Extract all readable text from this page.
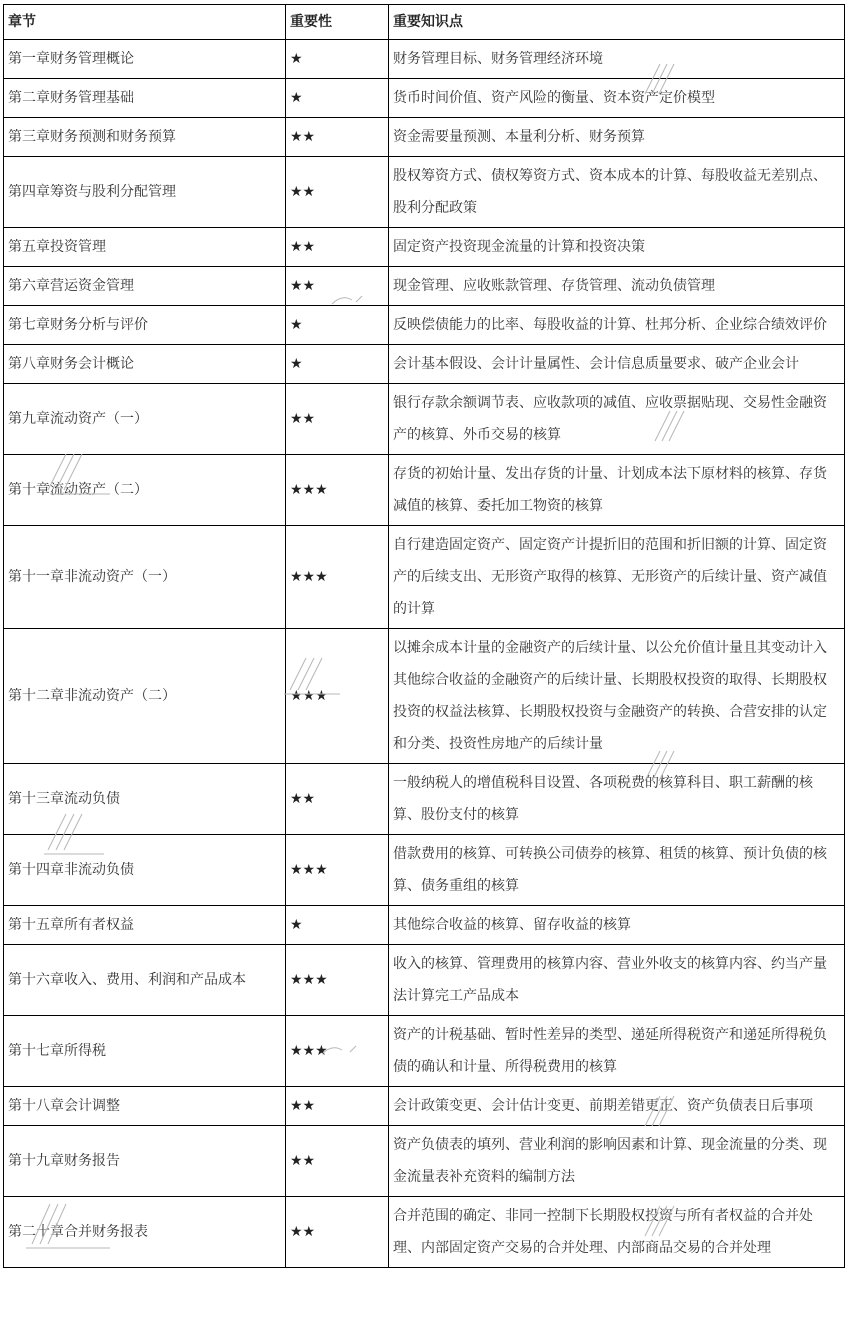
章节	重要性	重要知识点
第一章财务管理概论	★	财务管理目标、财务管理经济环境
第二章财务管理基础	★	货币时间价值、资产风险的衡量、资本资产定价模型
第三章财务预测和财务预算	★★	资金需要量预测、本量利分析、财务预算
第四章筹资与股利分配管理	★★	股权筹资方式、债权筹资方式、资本成本的计算、每股收益无差别点、股利分配政策
第五章投资管理	★★	固定资产投资现金流量的计算和投资决策
第六章营运资金管理	★★	现金管理、应收账款管理、存货管理、流动负债管理
第七章财务分析与评价	★	反映偿债能力的比率、每股收益的计算、杜邦分析、企业综合绩效评价
第八章财务会计概论	★	会计基本假设、会计计量属性、会计信息质量要求、破产企业会计
第九章流动资产（一）	★★	银行存款余额调节表、应收款项的减值、应收票据贴现、交易性金融资产的核算、外币交易的核算
第十章流动资产（二）	★★★	存货的初始计量、发出存货的计量、计划成本法下原材料的核算、存货减值的核算、委托加工物资的核算
第十一章非流动资产（一）	★★★	自行建造固定资产、固定资产计提折旧的范围和折旧额的计算、固定资产的后续支出、无形资产取得的核算、无形资产的后续计量、资产减值的计算
第十二章非流动资产（二）	★★★	以摊余成本计量的金融资产的后续计量、以公允价值计量且其变动计入其他综合收益的金融资产的后续计量、长期股权投资的取得、长期股权投资的权益法核算、长期股权投资与金融资产的转换、合营安排的认定和分类、投资性房地产的后续计量
第十三章流动负债	★★	一般纳税人的增值税科目设置、各项税费的核算科目、职工薪酬的核算、股份支付的核算
第十四章非流动负债	★★★	借款费用的核算、可转换公司债券的核算、租赁的核算、预计负债的核算、债务重组的核算
第十五章所有者权益	★	其他综合收益的核算、留存收益的核算
第十六章收入、费用、利润和产品成本	★★★	收入的核算、管理费用的核算内容、营业外收支的核算内容、约当产量法计算完工产品成本
第十七章所得税	★★★	资产的计税基础、暂时性差异的类型、递延所得税资产和递延所得税负债的确认和计量、所得税费用的核算
第十八章会计调整	★★	会计政策变更、会计估计变更、前期差错更正、资产负债表日后事项
第十九章财务报告	★★	资产负债表的填列、营业利润的影响因素和计算、现金流量的分类、现金流量表补充资料的编制方法
第二十章合并财务报表	★★	合并范围的确定、非同一控制下长期股权投资与所有者权益的合并处理、内部固定资产交易的合并处理、内部商品交易的合并处理
